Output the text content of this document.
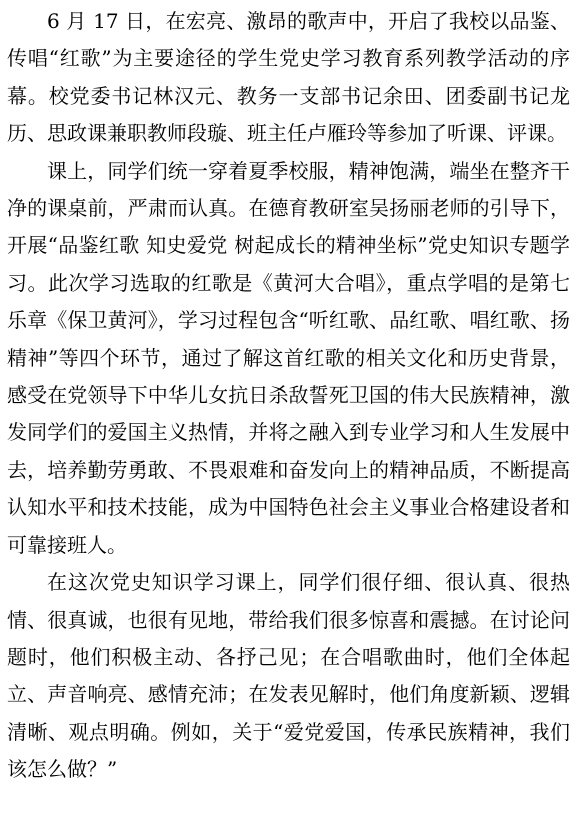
6 月 17 日，在宏亮、激昂的歌声中，开启了我校以品鉴、传唱“红歌”为主要途径的学生党史学习教育系列教学活动的序幕。校党委书记林汉元、教务一支部书记余田、团委副书记龙历、思政课兼职教师段璇、班主任卢雁玲等参加了听课、评课。

课上，同学们统一穿着夏季校服，精神饱满，端坐在整齐干净的课桌前，严肃而认真。在德育教研室吴扬丽老师的引导下，开展“品鉴红歌 知史爱党 树起成长的精神坐标”党史知识专题学习。此次学习选取的红歌是《黄河大合唱》，重点学唱的是第七乐章《保卫黄河》，学习过程包含“听红歌、品红歌、唱红歌、扬精神”等四个环节，通过了解这首红歌的相关文化和历史背景，感受在党领导下中华儿女抗日杀敌誓死卫国的伟大民族精神，激发同学们的爱国主义热情，并将之融入到专业学习和人生发展中去，培养勤劳勇敢、不畏艰难和奋发向上的精神品质，不断提高认知水平和技术技能，成为中国特色社会主义事业合格建设者和可靠接班人。

在这次党史知识学习课上，同学们很仔细、很认真、很热情、很真诚，也很有见地，带给我们很多惊喜和震撼。在讨论问题时，他们积极主动、各抒己见；在合唱歌曲时，他们全体起立、声音响亮、感情充沛；在发表见解时，他们角度新颖、逻辑清晰、观点明确。例如，关于“爱党爱国，传承民族精神，我们该怎么做？”
